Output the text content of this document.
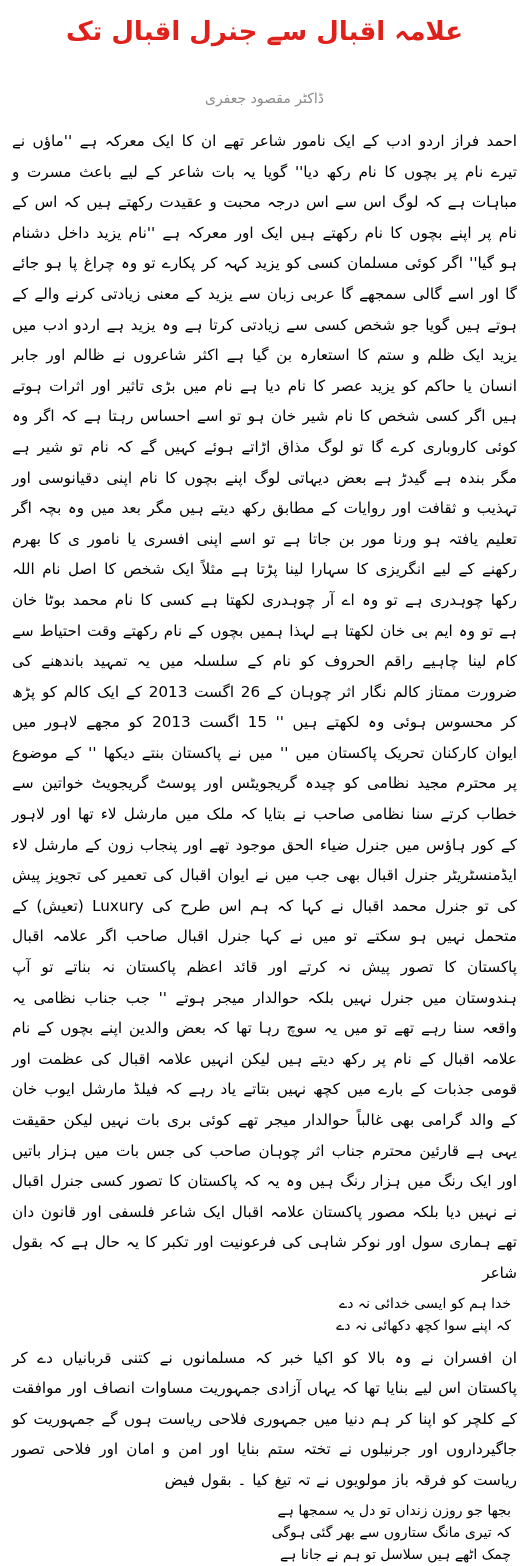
علامہ اقبال سے جنرل اقبال تک
ڈاکٹر مقصود جعفری

احمد فراز اردو ادب کے ایک نامور شاعر تھے ان کا ایک معرکہ ہے ''ماؤں نے تیرے نام پر بچوں کا نام رکھ دیا'' گویا یہ بات شاعر کے لیے باعث مسرت و مباہات ہے کہ لوگ اس سے اس درجہ محبت و عقیدت رکھتے ہیں کہ اس کے نام پر اپنے بچوں کا نام رکھتے ہیں ایک اور معرکہ ہے ''نام یزید داخل دشنام ہو گیا'' اگر کوئی مسلمان کسی کو یزید کہہ کر پکارے تو وہ چراغ پا ہو جائے گا اور اسے گالی سمجھے گا عربی زبان سے یزید کے معنی زیادتی کرنے والے کے ہوتے ہیں گویا جو شخص کسی سے زیادتی کرتا ہے وہ یزید ہے اردو ادب میں یزید ایک ظلم و ستم کا استعارہ بن گیا ہے اکثر شاعروں نے ظالم اور جابر انسان یا حاکم کو یزید عصر کا نام دیا ہے نام میں بڑی تاثیر اور اثرات ہوتے ہیں اگر کسی شخص کا نام شیر خان ہو تو اسے احساس رہتا ہے کہ اگر وہ کوئی کاروباری کرے گا تو لوگ مذاق اڑاتے ہوئے کہیں گے کہ نام تو شیر ہے مگر بندہ ہے گیدڑ ہے بعض دیہاتی لوگ اپنے بچوں کا نام اپنی دقیانوسی اور تہذیب و ثقافت اور روایات کے مطابق رکھ دیتے ہیں مگر بعد میں وہ بچہ اگر تعلیم یافتہ ہو ورنا مور بن جاتا ہے تو اسے اپنی افسری یا نامور ی کا بھرم رکھنے کے لیے انگریزی کا سہارا لینا پڑتا ہے مثلاً ایک شخص کا اصل نام اللہ رکھا چوہدری ہے تو وہ اے آر چوہدری لکھتا ہے کسی کا نام محمد بوٹا خان ہے تو وہ ایم بی خان لکھتا ہے لہذا ہمیں بچوں کے نام رکھتے وقت احتیاط سے کام لینا چاہیے راقم الحروف کو نام کے سلسلہ میں یہ تمہید باندھنے کی ضرورت ممتاز کالم نگار اثر چوہان کے 26 اگست 2013 کے ایک کالم کو پڑھ کر محسوس ہوئی وہ لکھتے ہیں '' 15 اگست 2013 کو مجھے لاہور میں ایوان کارکنان تحریک پاکستان میں '' میں نے پاکستان بنتے دیکھا '' کے موضوع پر محترم مجید نظامی کو چیدہ گریجویٹس اور پوسٹ گریجویٹ خواتین سے خطاب کرتے سنا نظامی صاحب نے بتایا کہ ملک میں مارشل لاء تھا اور لاہور کے کور ہاؤس میں جنرل ضیاء الحق موجود تھے اور پنجاب زون کے مارشل لاء ایڈمنسٹریٹر جنرل اقبال بھی جب میں نے ایوان اقبال کی تعمیر کی تجویز پیش کی تو جنرل محمد اقبال نے کہا کہ ہم اس طرح کی Luxury (تعیش) کے متحمل نہیں ہو سکتے تو میں نے کہا جنرل اقبال صاحب اگر علامہ اقبال پاکستان کا تصور پیش نہ کرتے اور قائد اعظم پاکستان نہ بناتے تو آپ ہندوستان میں جنرل نہیں بلکہ حوالدار میجر ہوتے '' جب جناب نظامی یہ واقعہ سنا رہے تھے تو میں یہ سوچ رہا تھا کہ بعض والدین اپنے بچوں کے نام علامہ اقبال کے نام پر رکھ دیتے ہیں لیکن انہیں علامہ اقبال کی عظمت اور قومی جذبات کے بارے میں کچھ نہیں بتاتے یاد رہے کہ فیلڈ مارشل ایوب خان کے والد گرامی بھی غالباً حوالدار میجر تھے کوئی بری بات نہیں لیکن حقیقت یہی ہے قارئین محترم جناب اثر چوہان صاحب کی جس بات میں ہزار باتیں اور ایک رنگ میں ہزار رنگ ہیں وہ یہ کہ پاکستان کا تصور کسی جنرل اقبال نے نہیں دیا بلکہ مصور پاکستان علامہ اقبال ایک شاعر فلسفی اور قانون دان تھے ہماری سول اور نوکر شاہی کی فرعونیت اور تکبر کا یہ حال ہے کہ بقول شاعر

خدا ہم کو ایسی خدائی نہ دے
کہ اپنے سوا کچھ دکھائی نہ دے

ان افسران نے وہ بالا کو اکیا خبر کہ مسلمانوں نے کتنی قربانیاں دے کر پاکستان اس لیے بنایا تھا کہ یہاں آزادی جمہوریت مساوات انصاف اور موافقت کے کلچر کو اپنا کر ہم دنیا میں جمہوری فلاحی ریاست ہوں گے جمہوریت کو جاگیرداروں اور جرنیلوں نے تختہ ستم بنایا اور امن و امان اور فلاحی تصور ریاست کو فرقہ باز مولویوں نے تہ تیغ کیا ۔ بقول فیض

بجھا جو روزن زنداں تو دل یہ سمجھا ہے
کہ تیری مانگ ستاروں سے بھر گئی ہوگی
چمک اٹھے ہیں سلاسل تو ہم نے جانا ہے
